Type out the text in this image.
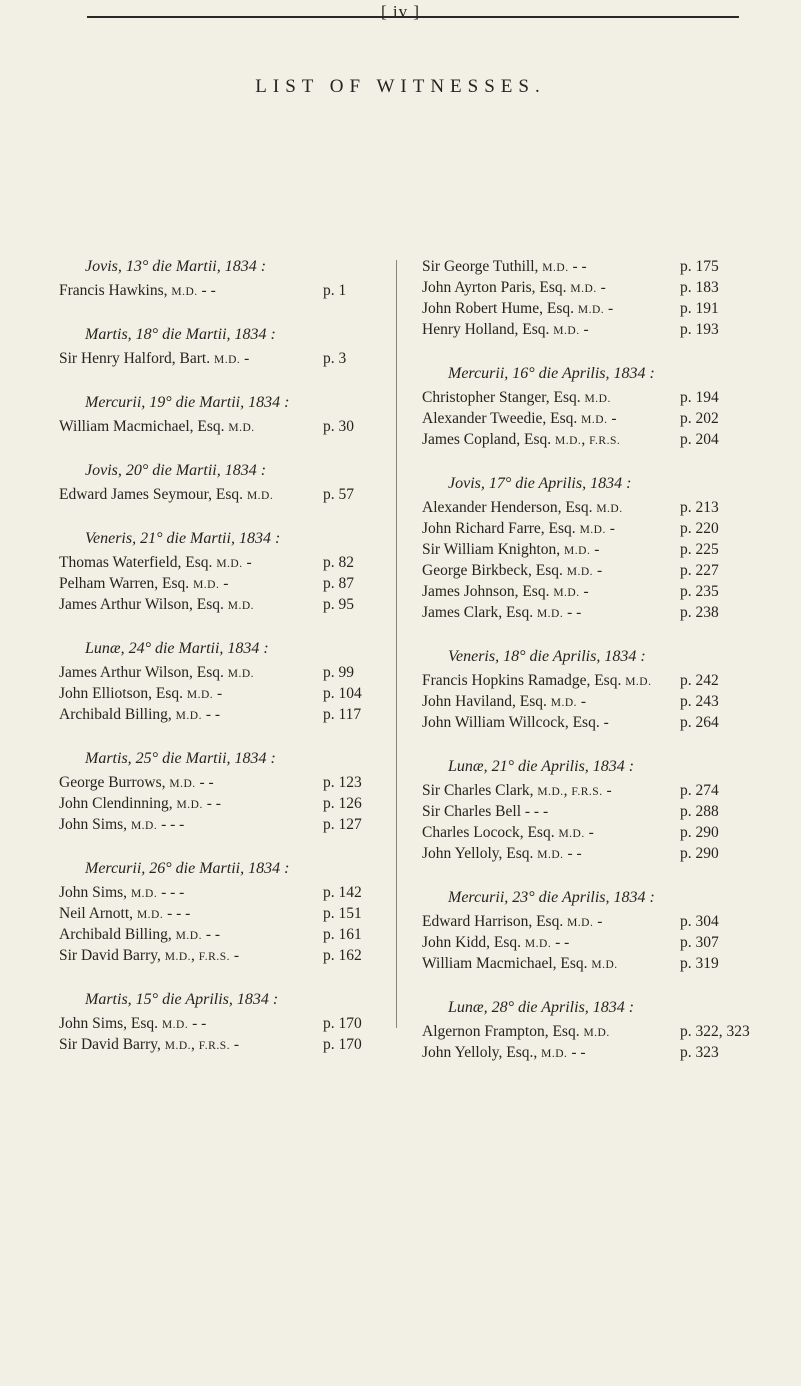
[ iv ]
LIST OF WITNESSES.
Jovis, 13° die Martii, 1834 :
Francis Hawkins, M.D. - -	p. 1
Martis, 18° die Martii, 1834 :
Sir Henry Halford, Bart. M.D. -	p. 3
Mercurii, 19° die Martii, 1834 :
William Macmichael, Esq. M.D.	p. 30
Jovis, 20° die Martii, 1834 :
Edward James Seymour, Esq. M.D.	p. 57
Veneris, 21° die Martii, 1834 :
Thomas Waterfield, Esq. M.D. -	p. 82
Pelham Warren, Esq. M.D. -	p. 87
James Arthur Wilson, Esq. M.D.	p. 95
Lunæ, 24° die Martii, 1834 :
James Arthur Wilson, Esq. M.D.	p. 99
John Elliotson, Esq. M.D. -	p. 104
Archibald Billing, M.D. - -	p. 117
Martis, 25° die Martii, 1834 :
George Burrows, M.D. - -	p. 123
John Clendinning, M.D. - -	p. 126
John Sims, M.D. - - -	p. 127
Mercurii, 26° die Martii, 1834 :
John Sims, M.D. - - -	p. 142
Neil Arnott, M.D. - - -	p. 151
Archibald Billing, M.D. - -	p. 161
Sir David Barry, M.D., F.R.S. -	p. 162
Martis, 15° die Aprilis, 1834 :
John Sims, Esq. M.D. - -	p. 170
Sir David Barry, M.D., F.R.S. -	p. 170
Sir George Tuthill, M.D. - -	p. 175
John Ayrton Paris, Esq. M.D. -	p. 183
John Robert Hume, Esq. M.D. -	p. 191
Henry Holland, Esq. M.D. -	p. 193
Mercurii, 16° die Aprilis, 1834 :
Christopher Stanger, Esq. M.D.	p. 194
Alexander Tweedie, Esq. M.D. -	p. 202
James Copland, Esq. M.D., F.R.S.	p. 204
Jovis, 17° die Aprilis, 1834 :
Alexander Henderson, Esq. M.D.	p. 213
John Richard Farre, Esq. M.D. -	p. 220
Sir William Knighton, M.D. -	p. 225
George Birkbeck, Esq. M.D. -	p. 227
James Johnson, Esq. M.D. -	p. 235
James Clark, Esq. M.D. - -	p. 238
Veneris, 18° die Aprilis, 1834 :
Francis Hopkins Ramadge, Esq. M.D.	p. 242
John Haviland, Esq. M.D. -	p. 243
John William Willcock, Esq. -	p. 264
Lunæ, 21° die Aprilis, 1834 :
Sir Charles Clark, M.D., F.R.S. -	p. 274
Sir Charles Bell - - -	p. 288
Charles Locock, Esq. M.D. -	p. 290
John Yelloly, Esq. M.D. - -	p. 290
Mercurii, 23° die Aprilis, 1834 :
Edward Harrison, Esq. M.D. -	p. 304
John Kidd, Esq. M.D. - -	p. 307
William Macmichael, Esq. M.D.	p. 319
Lunæ, 28° die Aprilis, 1834 :
Algernon Frampton, Esq. M.D.	p. 322, 323
John Yelloly, Esq., M.D. - -	p. 323
